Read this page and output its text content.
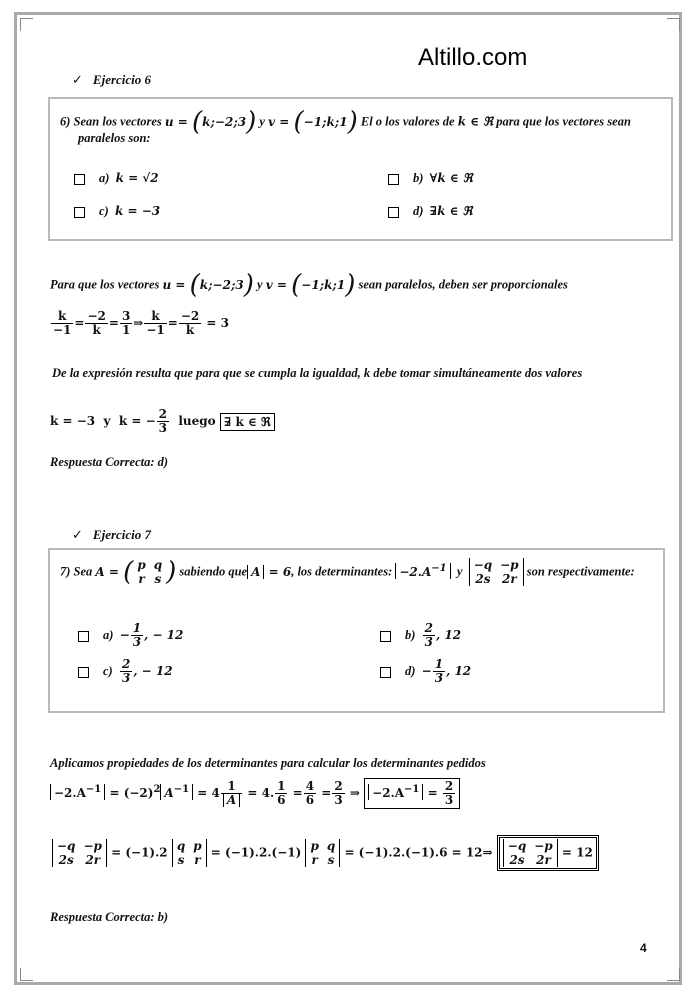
Altillo.com
✓ Ejercicio 6
6) Sean los vectores u = (k;−2;3) y v = (−1;k;1) El o los valores de k ∈ ℜ para que los vectores sean
paralelos son:
a) k = √2	b) ∀k ∈ ℜ
c) k = −3	d) ∃k ∈ ℜ
Para que los vectores u = (k;−2;3) y v = (−1;k;1) sean paralelos, deben ser proporcionales
$\frac{k}{-1} = \frac{-2}{k} = \frac{3}{1}$ ⇒ $\frac{k}{-1} = \frac{-2}{k} = 3$
De la expresión resulta que para que se cumpla la igualdad, k debe tomar simultáneamente dos valores
k = −3 y k = − $\frac{2}{3}$ luego ∃ k ∈ ℜ
Respuesta Correcta: d)
✓ Ejercicio 7
7) Sea A = ( p	q
r	s ) sabiendo que A = 6, los determinantes: $-2.A^{-1}$ y −q	−p
2s	2r
son respectivamente:
$a) - \frac{1}{3}$ , − 12	$b) \frac{2}{3}$ , 12
$c) \frac{2}{3}$ , − 12	$d) - \frac{1}{3}$ , 12
Aplicamos propiedades de los determinantes para calcular los determinantes pedidos
$-2.A^{-1} = (-2)^2$ $A^{-1} = 4 \frac{1}{A} = 4$. $\frac{1}{6} = \frac{4}{6} = \frac{2}{3}$ ⇒ $-2.A^{-1} = \frac{2}{3}$
−q	−p
2s	2r
= (−1).2 q	p
s	r
= (−1).2.(−1) p	q
r	s
= (−1).2.(−1).6 = 12⇒ −q	−p
2s	2r
= 12
Respuesta Correcta: b)
4
